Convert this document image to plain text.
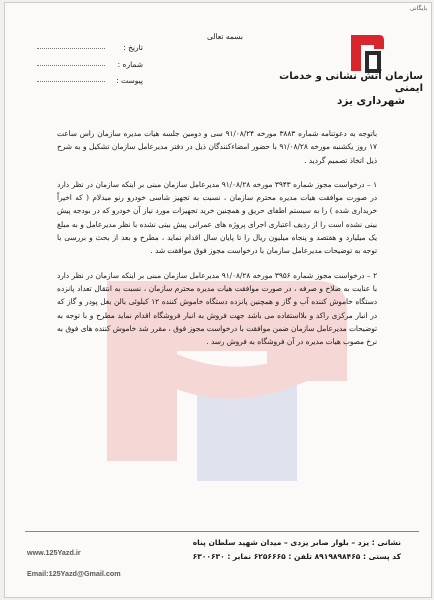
بایگانی
بسمه تعالی
سازمان آتش نشانی و خدمات ایمنی
شهرداری یزد
تاریخ :
شماره :
پیوست :

باتوجه به دعوتنامه شماره ۳۸۸۳ مورخه ۹۱/۰۸/۲۴ سی و دومین جلسه هیات مدیره سازمان راس ساعت ۱۷ روز یکشنبه مورخه ۹۱/۰۸/۲۸ با حضور امضاءکنندگان ذیل در دفتر مدیرعامل سازمان تشکیل و به شرح ذیل اتخاذ تصمیم گردید .

۱ – درخواست مجوز شماره ۳۹۴۳ مورخه ۹۱/۰۸/۲۸ مدیرعامل سازمان مبنی بر اینکه سازمان در نظر دارد در صورت موافقت هیات مدیره محترم سازمان ، نسبت به تجهیز شاسی خودرو رنو میدلام ( که اخیراً خریداری شده ) را به سیستم اطفای حریق و همچنین خرید تجهیزات مورد نیاز آن خودرو که در بودجه پیش بینی نشده است را از ردیف اعتباری اجرای پروژه های عمرانی پیش بینی نشده با نظر مدیرعامل و به مبلغ یک میلیارد و هفتصد و پنجاه میلیون ریال را تا پایان سال اقدام نماید ، مطرح و بعد از بحث و بررسی با توجه به توضیحات مدیرعامل سازمان با درخواست مجوز فوق موافقت شد .

۲ – درخواست مجوز شماره ۳۹۵۶ مورخه ۹۱/۰۸/۲۸ مدیرعامل سازمان مبنی بر اینکه سازمان در نظر دارد با عنایت به صلاح و صرفه ، در صورت موافقت هیات مدیره محترم سازمان ، نسبت به انتقال تعداد پانزده دستگاه خاموش کننده آب و گاز و همچنین پانزده دستگاه خاموش کننده ۱۲ کیلوئی بالن بغل پودر و گاز که در انبار مرکزی راکد و بلااستفاده می باشد جهت فروش به انبار فروشگاه اقدام نماید مطرح و با توجه به توضیحات مدیرعامل سازمان ضمن موافقت با درخواست مجوز فوق ، مقرر شد خاموش کننده های فوق به نرخ مصوب هیات مدیره در آن فروشگاه به فروش رسد .

نشانی : یزد – بلوار صابر یزدی – میدان شهید سلطان پناه
کد پستی : ۸۹۱۹۸۹۸۴۶۵ تلفن : ۶۲۵۶۶۶۵ نمابر : ۶۳۰۰۶۳۰
www.125Yazd.ir
Email:125Yazd@Gmail.com
